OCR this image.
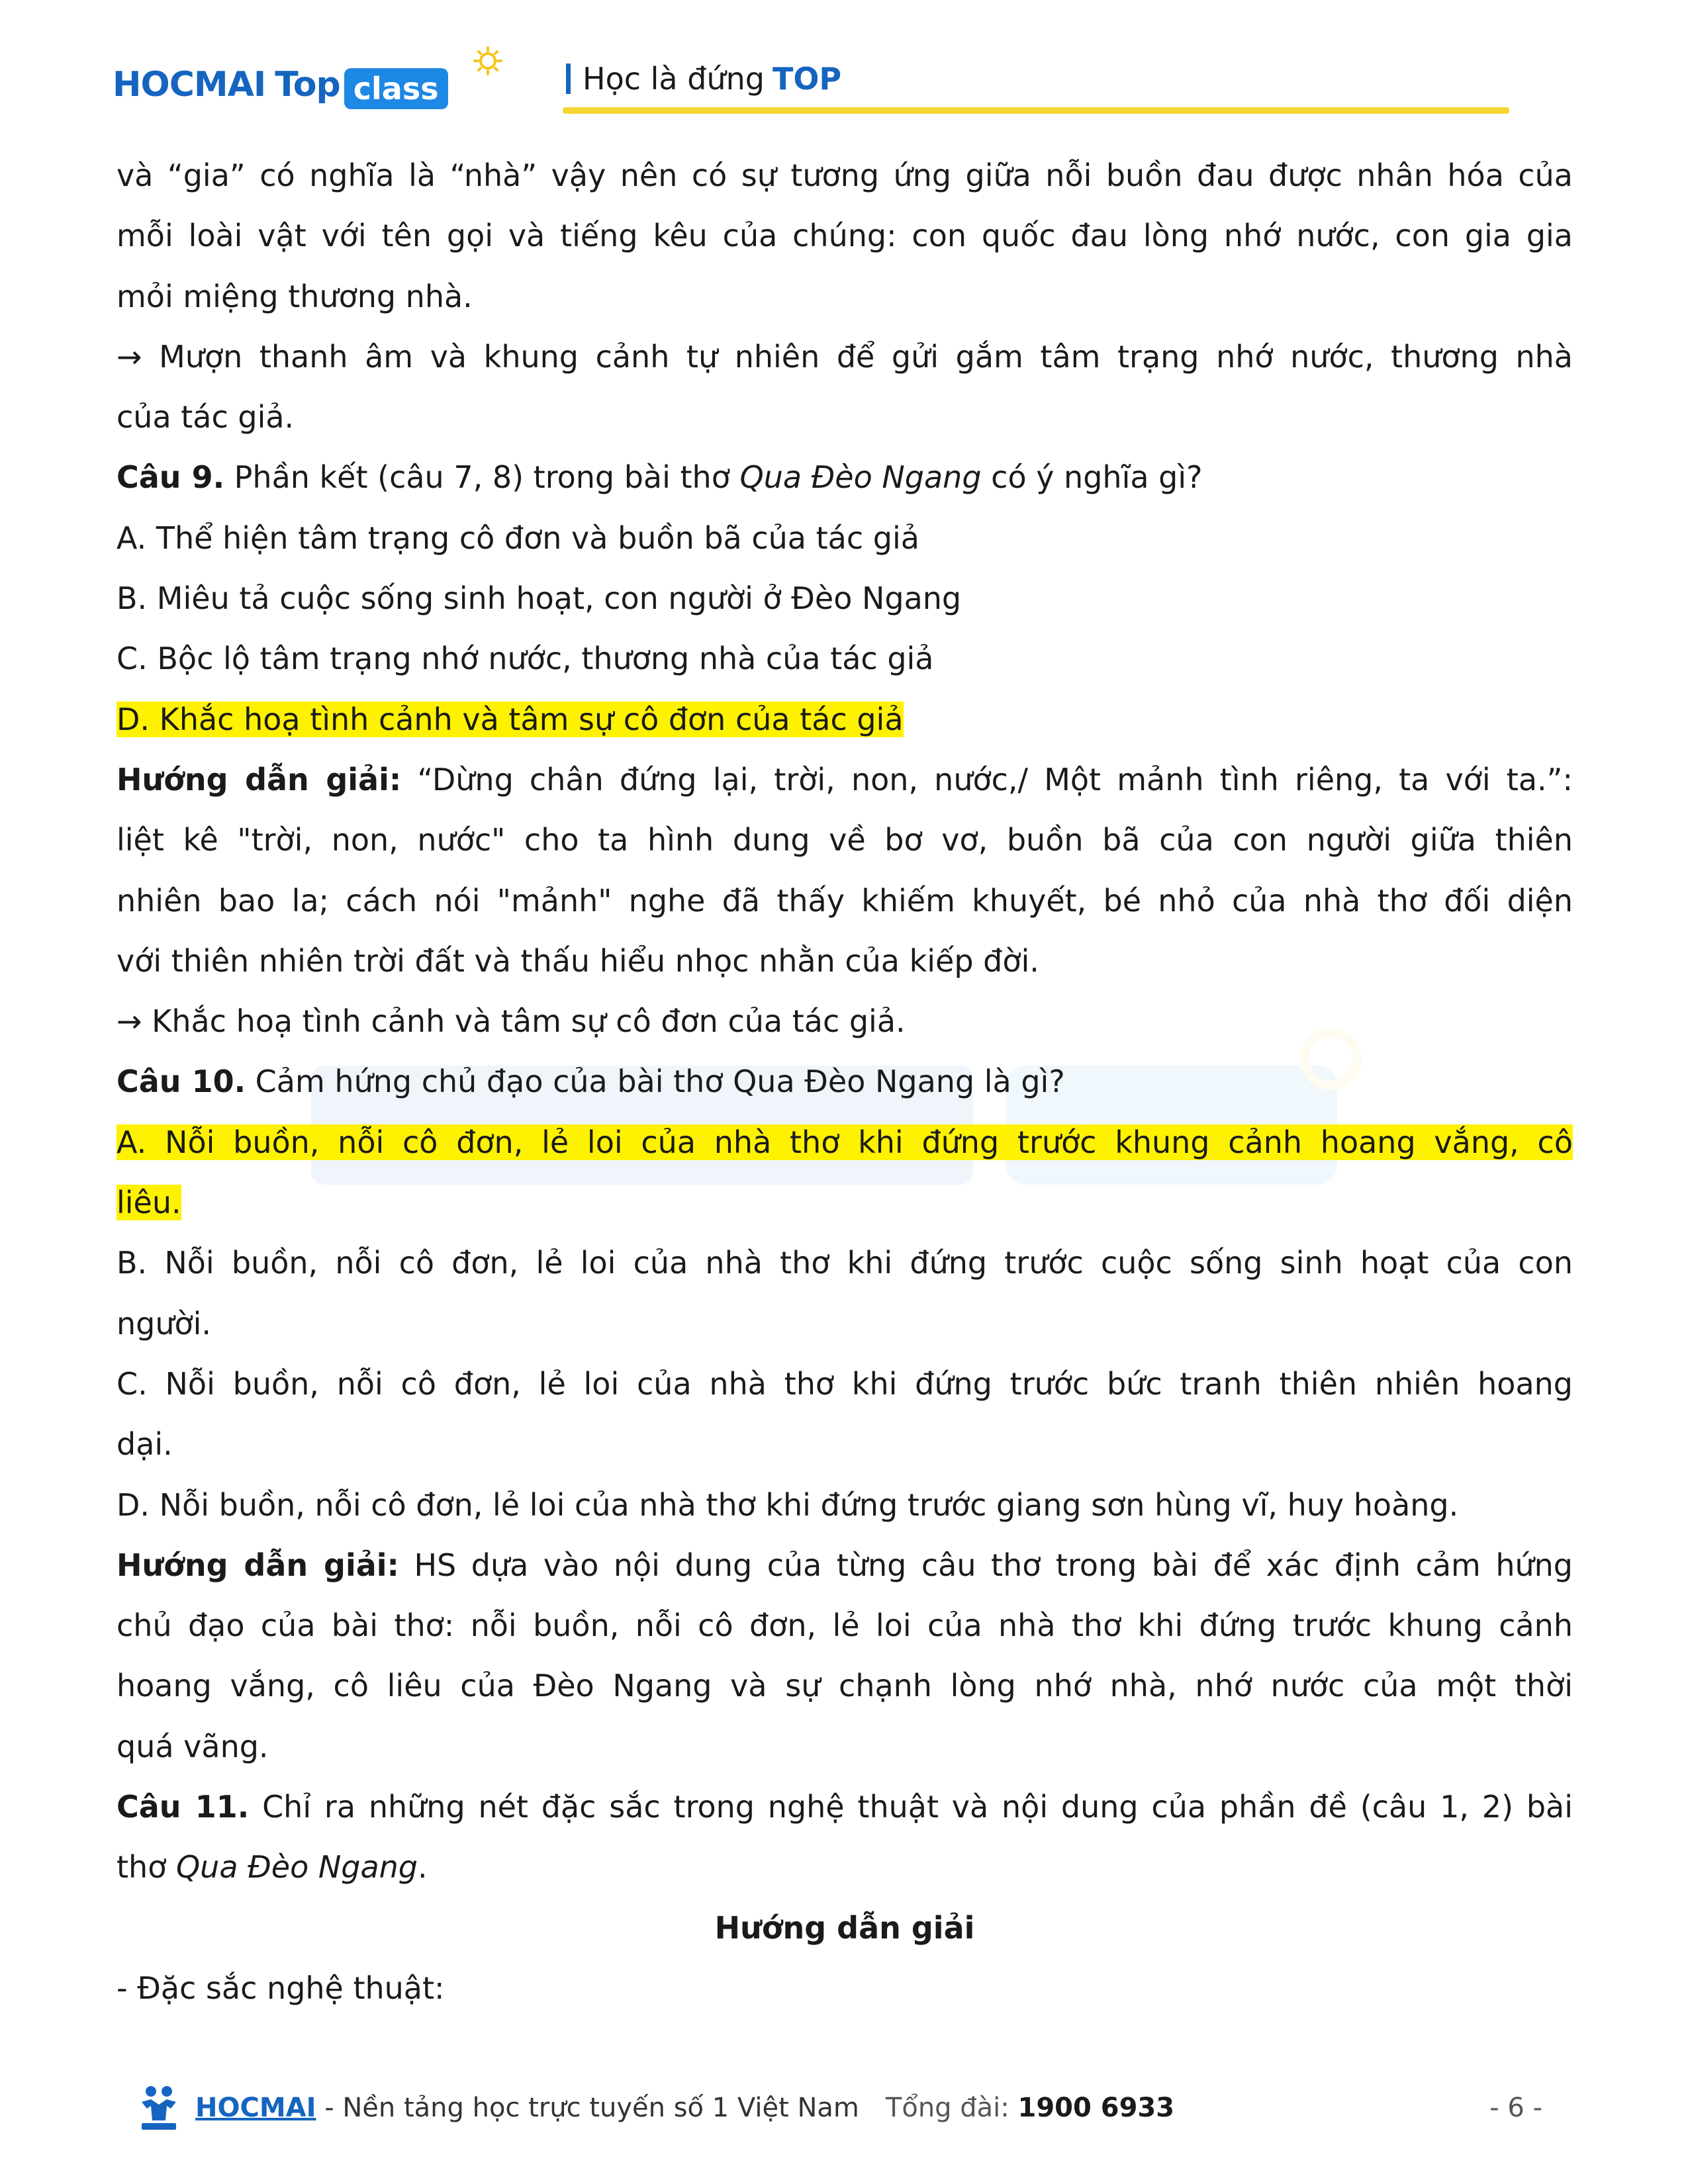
HOCMAI Top class	Học là đứng TOP

và “gia” có nghĩa là “nhà” vậy nên có sự tương ứng giữa nỗi buồn đau được nhân hóa của

mỗi loài vật với tên gọi và tiếng kêu của chúng: con quốc đau lòng nhớ nước, con gia gia

mỏi miệng thương nhà.

→ Mượn thanh âm và khung cảnh tự nhiên để gửi gắm tâm trạng nhớ nước, thương nhà

của tác giả.

Câu 9. Phần kết (câu 7, 8) trong bài thơ Qua Đèo Ngang có ý nghĩa gì?

A. Thể hiện tâm trạng cô đơn và buồn bã của tác giả

B. Miêu tả cuộc sống sinh hoạt, con người ở Đèo Ngang

C. Bộc lộ tâm trạng nhớ nước, thương nhà của tác giả

D. Khắc hoạ tình cảnh và tâm sự cô đơn của tác giả

Hướng dẫn giải: “Dừng chân đứng lại, trời, non, nước,/ Một mảnh tình riêng, ta với ta.”:

liệt kê "trời, non, nước" cho ta hình dung về bơ vơ, buồn bã của con người giữa thiên

nhiên bao la; cách nói "mảnh" nghe đã thấy khiếm khuyết, bé nhỏ của nhà thơ đối diện

với thiên nhiên trời đất và thấu hiểu nhọc nhằn của kiếp đời.

→ Khắc hoạ tình cảnh và tâm sự cô đơn của tác giả.

Câu 10. Cảm hứng chủ đạo của bài thơ Qua Đèo Ngang là gì?

A. Nỗi buồn, nỗi cô đơn, lẻ loi của nhà thơ khi đứng trước khung cảnh hoang vắng, cô

liêu.

B. Nỗi buồn, nỗi cô đơn, lẻ loi của nhà thơ khi đứng trước cuộc sống sinh hoạt của con

người.

C. Nỗi buồn, nỗi cô đơn, lẻ loi của nhà thơ khi đứng trước bức tranh thiên nhiên hoang

dại.

D. Nỗi buồn, nỗi cô đơn, lẻ loi của nhà thơ khi đứng trước giang sơn hùng vĩ, huy hoàng.

Hướng dẫn giải: HS dựa vào nội dung của từng câu thơ trong bài để xác định cảm hứng

chủ đạo của bài thơ: nỗi buồn, nỗi cô đơn, lẻ loi của nhà thơ khi đứng trước khung cảnh

hoang vắng, cô liêu của Đèo Ngang và sự chạnh lòng nhớ nhà, nhớ nước của một thời

quá vãng.

Câu 11. Chỉ ra những nét đặc sắc trong nghệ thuật và nội dung của phần đề (câu 1, 2) bài

thơ Qua Đèo Ngang.

Hướng dẫn giải

- Đặc sắc nghệ thuật:

HOCMAI - Nền tảng học trực tuyến số 1 Việt Nam Tổng đài: 1900 6933	- 6 -
